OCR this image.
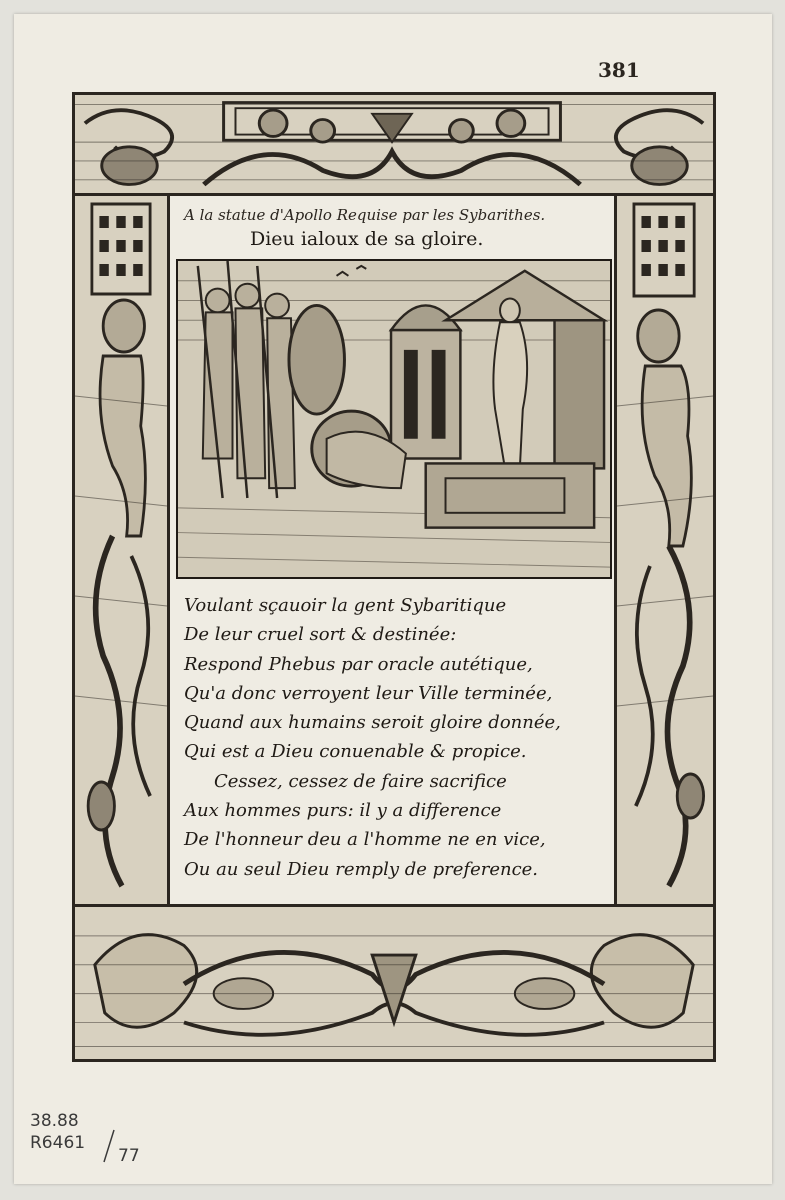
381
A la statue d'Apollo Requise par les Sybarithes.
Dieu ialoux de sa gloire.
Voulant sçauoir la gent Sybaritique
De leur cruel sort & destinée:
Respond Phebus par oracle autétique,
Qu'a donc verroyent leur Ville terminée,
Quand aux humains seroit gloire donnée,
Qui est a Dieu conuenable & propice.
Cessez, cessez de faire sacrifice
Aux hommes purs: il y a difference
De l'honneur deu a l'homme ne en vice,
Ou au seul Dieu remply de preference.
38.88
R6461
77
